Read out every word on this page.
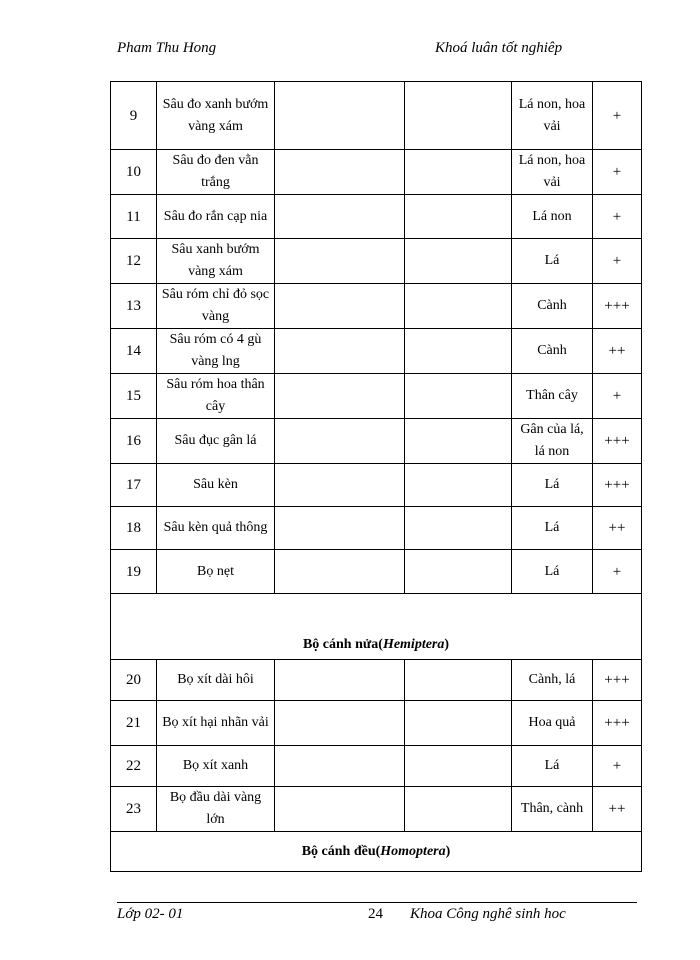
Pham Thu Hong	Khoá luân tốt nghiêp
9	Sâu đo xanh bướm vàng xám			Lá non, hoa vải	+
10	Sâu đo đen vằn trắng			Lá non, hoa vải	+
11	Sâu đo rắn cạp nia			Lá non	+
12	Sâu xanh bướm vàng xám			Lá	+
13	Sâu róm chỉ đỏ sọc vàng			Cành	+++
14	Sâu róm có 4 gù vàng lng			Cành	++
15	Sâu róm hoa thân cây			Thân cây	+
16	Sâu đục gân lá			Gân của lá, lá non	+++
17	Sâu kèn			Lá	+++
18	Sâu kèn quả thông			Lá	++
19	Bọ nẹt			Lá	+
Bộ cánh nửa(Hemiptera)					
20	Bọ xít dài hôi			Cành, lá	+++
21	Bọ xít hại nhãn vải			Hoa quả	+++
22	Bọ xít xanh			Lá	+
23	Bọ đầu dài vàng lớn			Thân, cành	++
Bộ cánh đều(Homoptera)					
Lớp 02- 01	24 Khoa Công nghê sinh hoc
